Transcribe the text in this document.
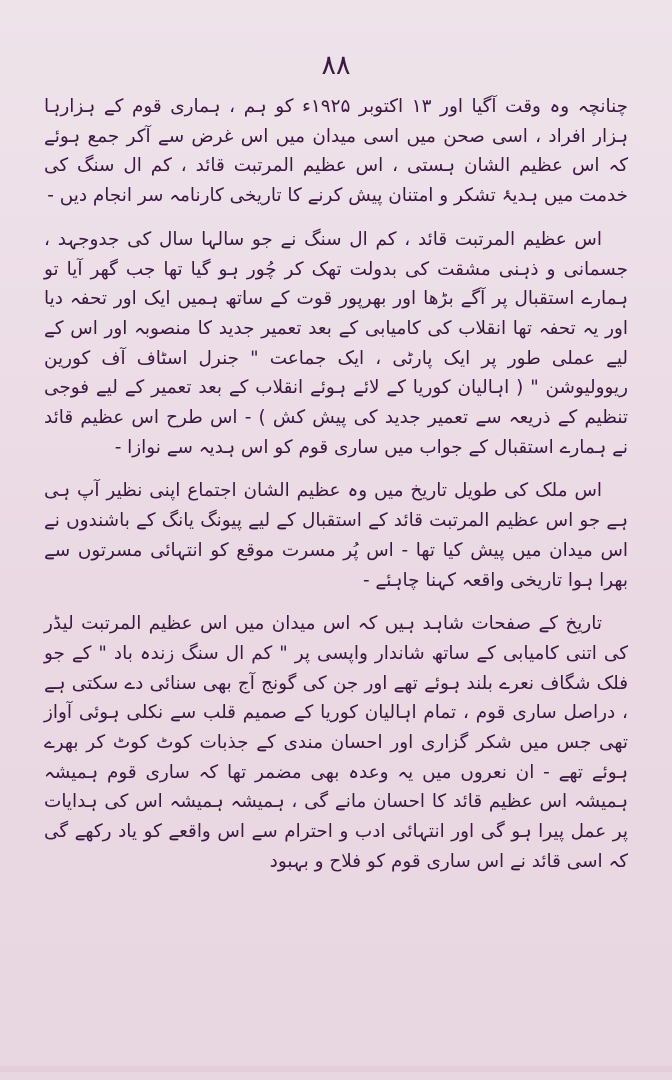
۸۸

چنانچہ وہ وقت آگیا اور ۱۳ اکتوبر ۱۹۲۵ء کو ہم ، ہماری قوم کے ہزارہا ہزار افراد ، اسی صحن میں اسی میدان میں اس غرض سے آکر جمع ہوئے کہ اس عظیم الشان ہستی ، اس عظیم المرتبت قائد ، کم ال سنگ کی خدمت میں ہدیۂ تشکر و امتنان پیش کرنے کا تاریخی کارنامہ سر انجام دیں -

اس عظیم المرتبت قائد ، کم ال سنگ نے جو سالہا سال کی جدوجہد ، جسمانی و ذہنی مشقت کی بدولت تھک کر چُور ہو گیا تھا جب گھر آیا تو ہمارے استقبال پر آگے بڑھا اور بھرپور قوت کے ساتھ ہمیں ایک اور تحفہ دیا اور یہ تحفہ تھا انقلاب کی کامیابی کے بعد تعمیر جدید کا منصوبہ اور اس کے لیے عملی طور پر ایک پارٹی ، ایک جماعت " جنرل اسٹاف آف کورین ریوولیوشن " ( اہالیان کوریا کے لائے ہوئے انقلاب کے بعد تعمیر کے لیے فوجی تنظیم کے ذریعہ سے تعمیر جدید کی پیش کش ) - اس طرح اس عظیم قائد نے ہمارے استقبال کے جواب میں ساری قوم کو اس ہدیہ سے نوازا -

اس ملک کی طویل تاریخ میں وہ عظیم الشان اجتماع اپنی نظیر آپ ہی ہے جو اس عظیم المرتبت قائد کے استقبال کے لیے پیونگ یانگ کے باشندوں نے اس میدان میں پیش کیا تھا - اس پُر مسرت موقع کو انتہائی مسرتوں سے بھرا ہوا تاریخی واقعہ کہنا چاہئے -

تاریخ کے صفحات شاہد ہیں کہ اس میدان میں اس عظیم المرتبت لیڈر کی اتنی کامیابی کے ساتھ شاندار واپسی پر " کم ال سنگ زندہ باد " کے جو فلک شگاف نعرے بلند ہوئے تھے اور جن کی گونج آج بھی سنائی دے سکتی ہے ، دراصل ساری قوم ، تمام اہالیان کوریا کے صمیم قلب سے نکلی ہوئی آواز تھی جس میں شکر گزاری اور احسان مندی کے جذبات کوٹ کوٹ کر بھرے ہوئے تھے - ان نعروں میں یہ وعدہ بھی مضمر تھا کہ ساری قوم ہمیشہ ہمیشہ اس عظیم قائد کا احسان مانے گی ، ہمیشہ ہمیشہ اس کی ہدایات پر عمل پیرا ہو گی اور انتہائی ادب و احترام سے اس واقعے کو یاد رکھے گی کہ اسی قائد نے اس ساری قوم کو فلاح و بہبود
